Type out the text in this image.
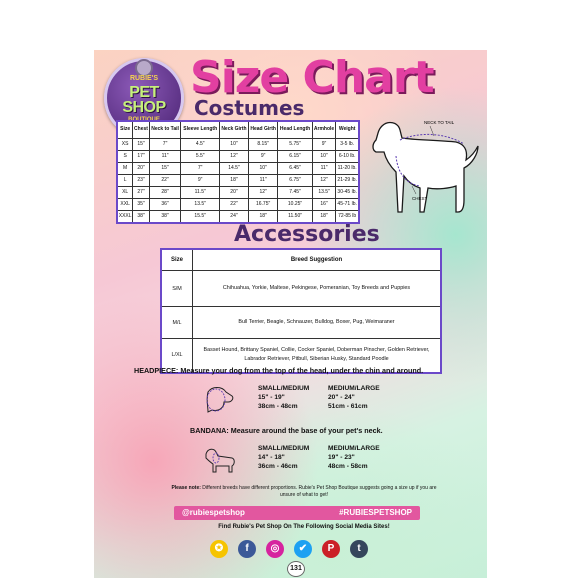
RUBIE'S
PET
SHOP
Size Chart
Costumes
Size	Chest	Neck to Tail	Sleeve Length	Neck Girth	Head Girth	Head Length	Armhole	Weight
XS	15"	7"	4.5"	10"	8.15"	5.75"	9"	3-5 lb.
S	17"	11"	5.5"	12"	9"	6.15"	10"	6-10 lb.
M	20"	15"	7"	14.5"	10"	6.45"	11"	11-20 lb.
L	23"	22"	9"	18"	11"	6.75"	12"	21-29 lb.
XL	27"	28"	11.5"	20"	12"	7.45"	13.5"	30-45 lb.
XXL	35"	36"	13.5"	22"	16.75"	10.25"	16"	45-71 lb.
XXXL	38"	38"	15.5"	24"	18"	11.50"	18"	72-85 lb
NECK TO TAIL
CHEST
Accessories
Size	Breed Suggestion
S/M	Chihuahua, Yorkie, Maltese, Pekingese, Pomeranian, Toy Breeds and Puppies
M/L	Bull Terrier, Beagle, Schnauzer, Bulldog, Boxer, Pug, Weimaraner
L/XL	Basset Hound, Brittany Spaniel, Collie, Cocker Spaniel, Doberman Pinscher, Golden Retriever, Labrador Retriever, Pitbull, Siberian Husky, Standard Poodle
HEADPIECE: Measure your dog from the top of the head, under the chin and around.
SMALL/MEDIUM
15" - 19"
38cm - 48cm
MEDIUM/LARGE
20" - 24"
51cm - 61cm
BANDANA: Measure around the base of your pet's neck.
SMALL/MEDIUM
14" - 18"
36cm - 46cm
MEDIUM/LARGE
19" - 23"
48cm - 58cm
Please note: Different breeds have different proportions. Rubie's Pet Shop Boutique suggests going a size up if you are unsure of what to get!
@rubiespetshop	#RUBIESPETSHOP
Find Rubie's Pet Shop On The Following Social Media Sites!
✪	f	◎	✔	P	t
131
